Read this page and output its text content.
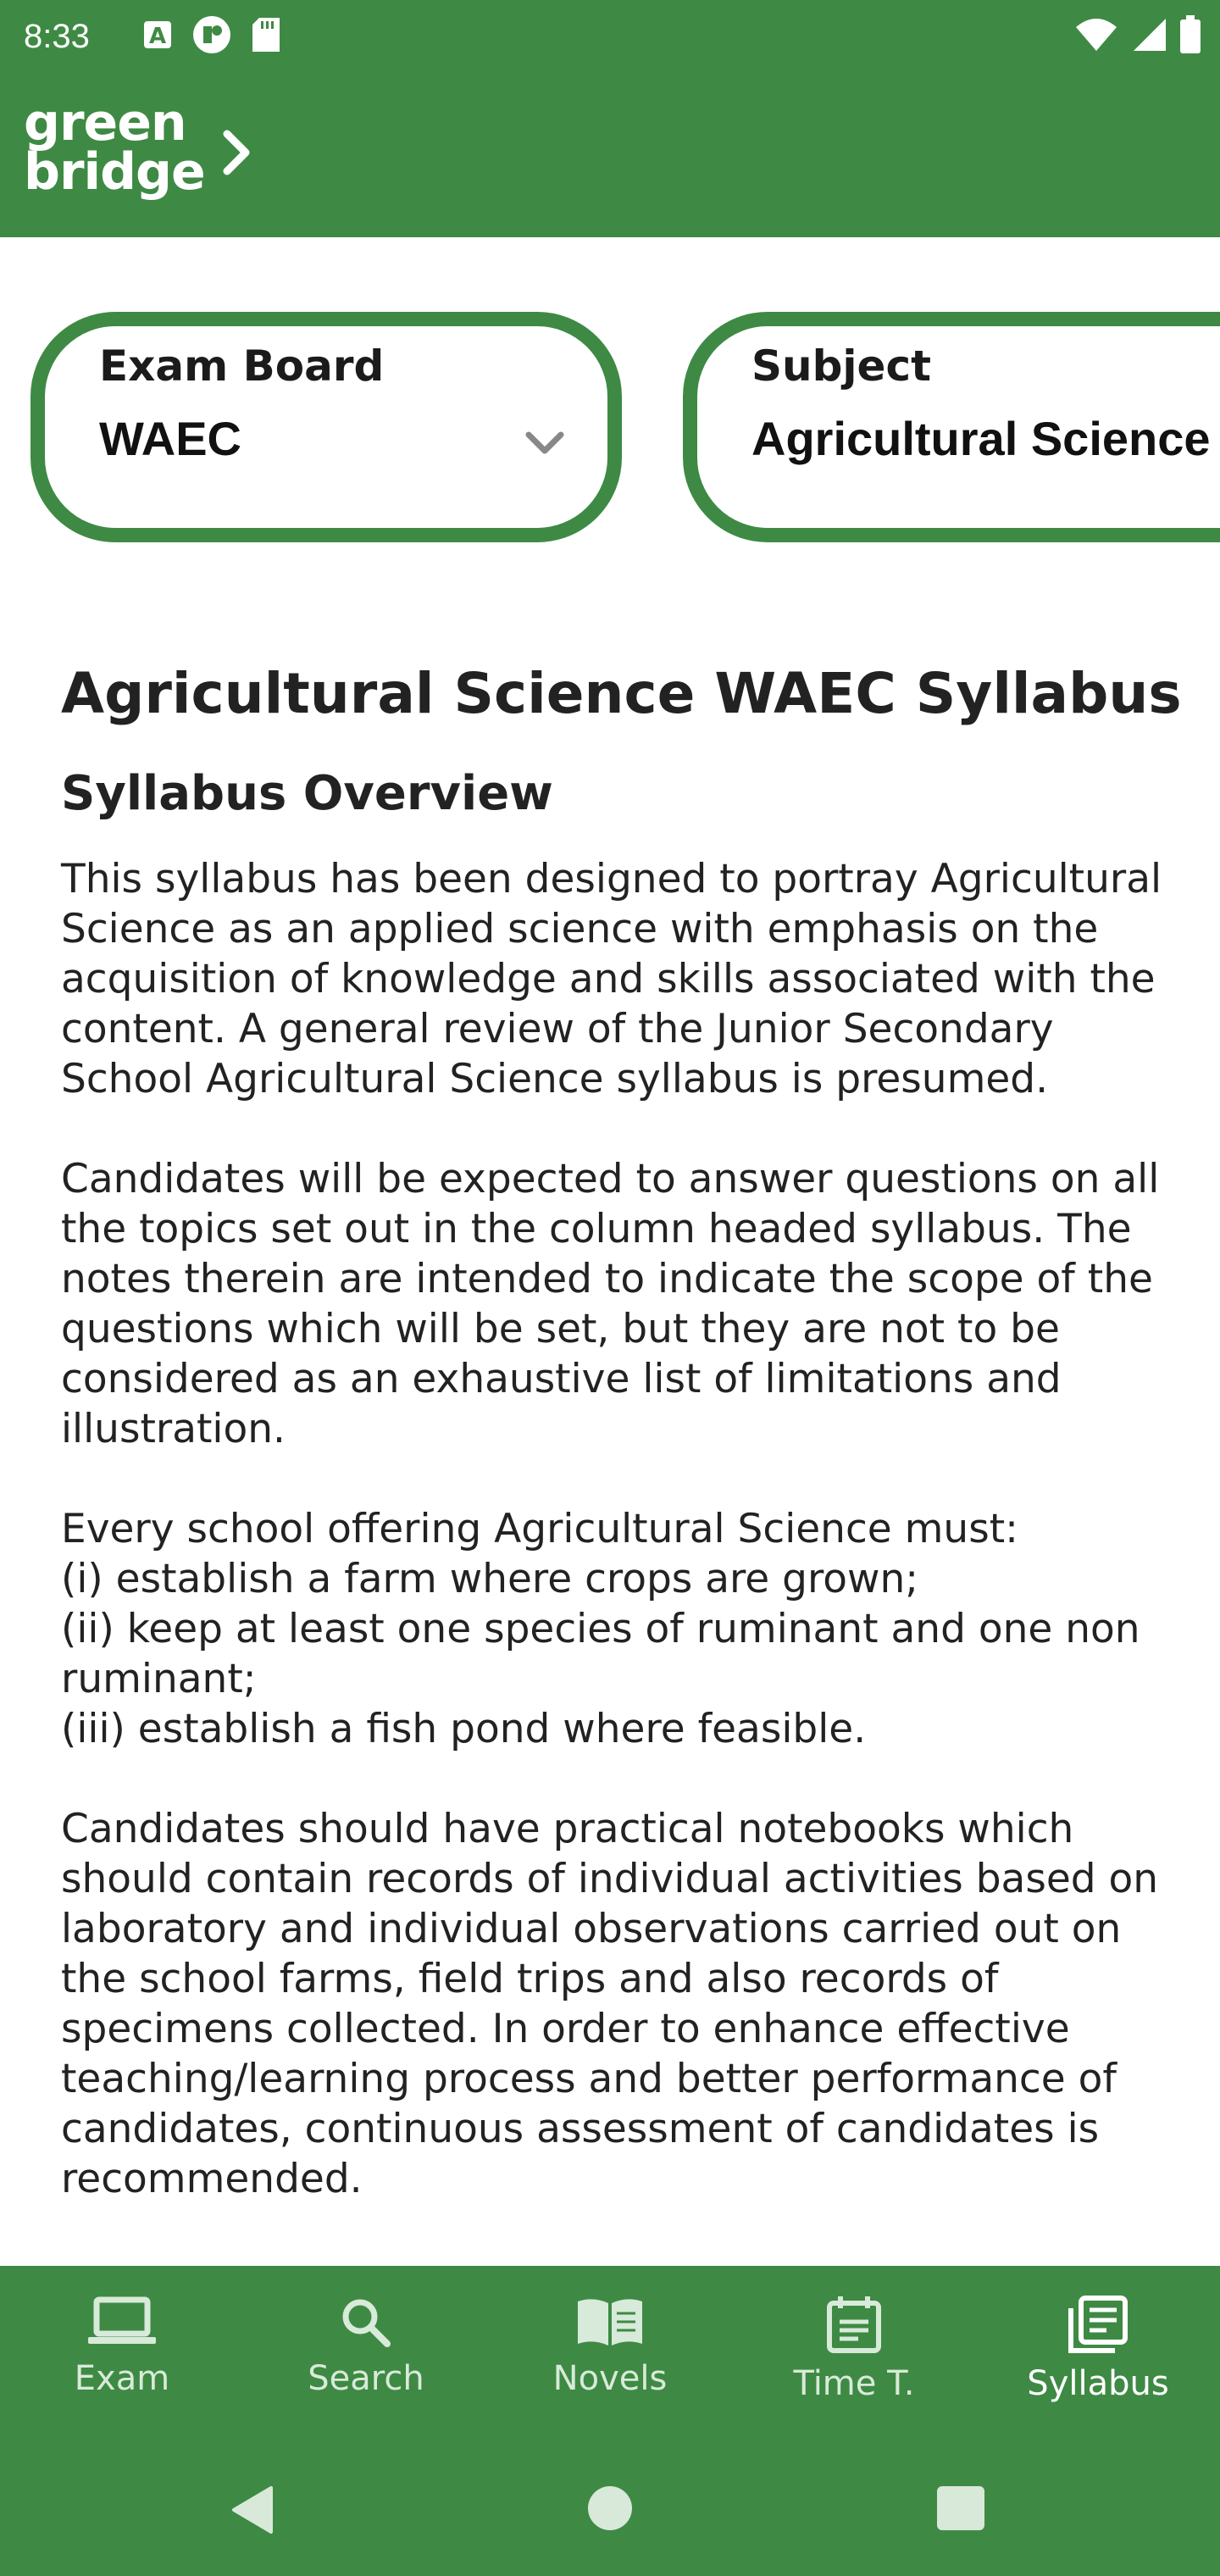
8:33	A
green
bridge
Exam Board
WAEC
Subject
Agricultural Science
Agricultural Science WAEC Syllabus
Syllabus Overview

This syllabus has been designed to portray Agricultural Science as an applied science with emphasis on the acquisition of knowledge and skills associated with the content. A general review of the Junior Secondary School Agricultural Science syllabus is presumed.

Candidates will be expected to answer questions on all the topics set out in the column headed syllabus. The notes therein are intended to indicate the scope of the questions which will be set, but they are not to be considered as an exhaustive list of limitations and illustration.

Every school offering Agricultural Science must:
(i) establish a farm where crops are grown;
(ii) keep at least one species of ruminant and one non ruminant;
(iii) establish a fish pond where feasible.

Candidates should have practical notebooks which should contain records of individual activities based on laboratory and individual observations carried out on the school farms, field trips and also records of specimens collected. In order to enhance effective teaching/learning process and better performance of candidates, continuous assessment of candidates is recommended.

Exam	Search	Novels	Time T.	Syllabus
